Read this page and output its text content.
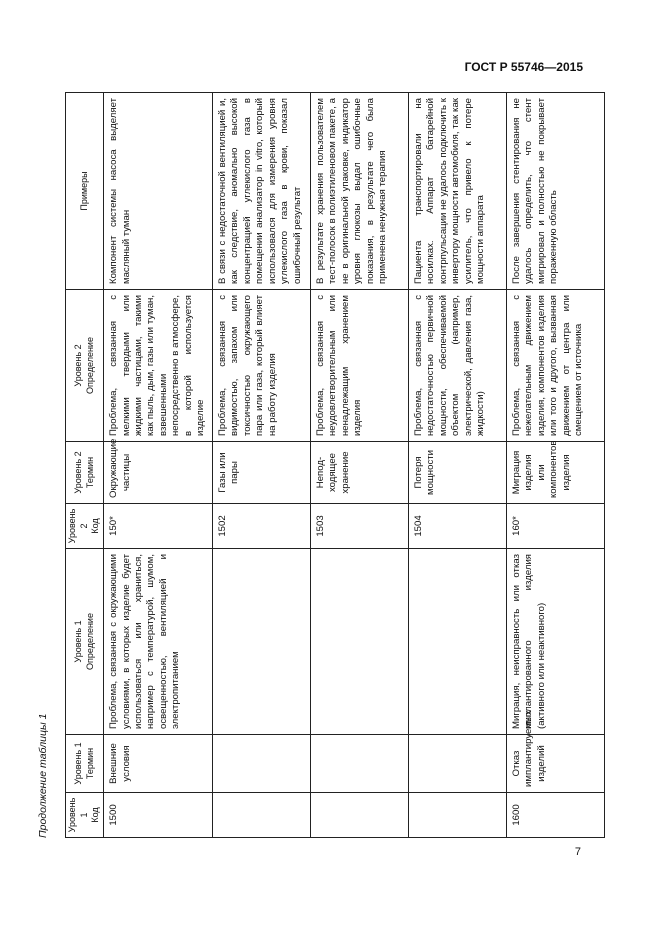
ГОСТ Р 55746—2015
Продолжение таблицы 1 Уровень 1 Код	Уровень 1 Термин	Уровень 1 Определение	Уровень 2 Код	Уровень 2 Термин	Уровень 2 Определение	Примеры
1500	Внешние условия	Проблема, связанная с окружающими условиями, в которых изделие будет использоваться или храниться, например с температурой, шумом, освещенностью, вентиляцией и электропитанием	150*	Окружающие частицы	Проблема, связанная с мелкими твердыми или жидкими частицами, такими как пыль, дым, газы или туман, взвешенными непосредственно в атмосфере, в которой используется изделие	Компонент системы насоса выделяет масляный туман
			1502	Газы или пары	Проблема, связанная с видимостью, запахом или токсичностью окружающего пара или газа, который влияет на работу изделия	В связи с недостаточной вентиляцией и, как следствие, аномально высокой концентрацией углекислого газа в помещении анализатор in vitro, который использовался для измерения уровня углекислого газа в крови, показал ошибочный результат
			1503	Неподходящее хранение	Проблема, связанная с неудовлетворительным или ненадлежащим хранением изделия	В результате хранения пользователем тест-полосок в полиэтиленовом пакете, а не в оригинальной упаковке, индикатор уровня глюкозы выдал ошибочные показания, в результате чего была применена ненужная терапия
			1504	Потеря мощности	Проблема, связанная с недостаточностью первичной мощности, обеспечиваемой объектом (например, электрической, давления газа, жидкости)	Пациента транспортировали на носилках. Аппарат батарейной контрпульсации не удалось подключить к инвертору мощности автомобиля, так как усилитель, что привело к потере мощности аппарата
1600	Отказ имплантируемых изделий	Миграция, неисправность или отказ имплантированного изделия (активного или неактивного)	160*	Миграция изделия или компонентов изделия	Проблема, связанная с нежелательным движением изделия, компонентов изделия или того и другого, вызванная движением от центра или смещением от источника	После завершения стентирования не удалось определить, что стент мигрировал и полностью не покрывает пораженную область
7
